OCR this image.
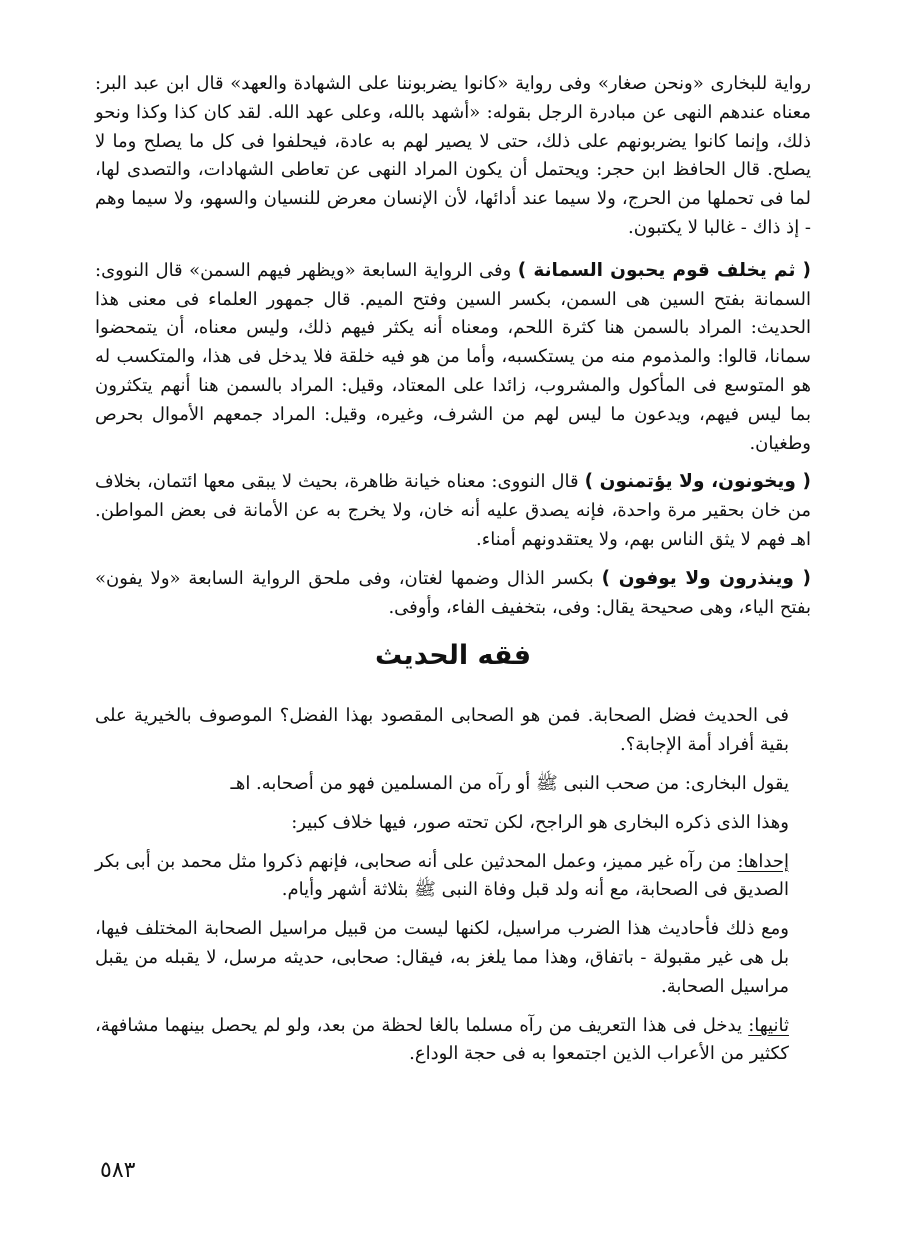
رواية للبخارى «ونحن صغار» وفى رواية «كانوا يضربوننا على الشهادة والعهد» قال ابن عبد البر: معناه عندهم النهى عن مبادرة الرجل بقوله: «أشهد بالله، وعلى عهد الله. لقد كان كذا وكذا ونحو ذلك، وإنما كانوا يضربونهم على ذلك، حتى لا يصير لهم به عادة، فيحلفوا فى كل ما يصلح وما لا يصلح. قال الحافظ ابن حجر: ويحتمل أن يكون المراد النهى عن تعاطى الشهادات، والتصدى لها، لما فى تحملها من الحرج، ولا سيما عند أدائها، لأن الإنسان معرض للنسيان والسهو، ولا سيما وهم - إذ ذاك - غالبا لا يكتبون.

( ثم يخلف قوم يحبون السمانة ) وفى الرواية السابعة «ويظهر فيهم السمن» قال النووى: السمانة بفتح السين هى السمن، بكسر السين وفتح الميم. قال جمهور العلماء فى معنى هذا الحديث: المراد بالسمن هنا كثرة اللحم، ومعناه أنه يكثر فيهم ذلك، وليس معناه، أن يتمحضوا سمانا، قالوا: والمذموم منه من يستكسبه، وأما من هو فيه خلقة فلا يدخل فى هذا، والمتكسب له هو المتوسع فى المأكول والمشروب، زائدا على المعتاد، وقيل: المراد بالسمن هنا أنهم يتكثرون بما ليس فيهم، ويدعون ما ليس لهم من الشرف، وغيره، وقيل: المراد جمعهم الأموال بحرص وطغيان.

( ويخونون، ولا يؤتمنون ) قال النووى: معناه خيانة ظاهرة، بحيث لا يبقى معها ائتمان، بخلاف من خان بحقير مرة واحدة، فإنه يصدق عليه أنه خان، ولا يخرج به عن الأمانة فى بعض المواطن. اهـ فهم لا يثق الناس بهم، ولا يعتقدونهم أمناء.

( وينذرون ولا يوفون ) بكسر الذال وضمها لغتان، وفى ملحق الرواية السابعة «ولا يفون» بفتح الياء، وهى صحيحة يقال: وفى، بتخفيف الفاء، وأوفى.

فقه الحديث

فى الحديث فضل الصحابة. فمن هو الصحابى المقصود بهذا الفضل؟ الموصوف بالخيرية على بقية أفراد أمة الإجابة؟.

يقول البخارى: من صحب النبى ﷺ أو رآه من المسلمين فهو من أصحابه. اهـ

وهذا الذى ذكره البخارى هو الراجح، لكن تحته صور، فيها خلاف كبير:

إحداها: من رآه غير مميز، وعمل المحدثين على أنه صحابى، فإنهم ذكروا مثل محمد بن أبى بكر الصديق فى الصحابة، مع أنه ولد قبل وفاة النبى ﷺ بثلاثة أشهر وأيام.

ومع ذلك فأحاديث هذا الضرب مراسيل، لكنها ليست من قبيل مراسيل الصحابة المختلف فيها، بل هى غير مقبولة - باتفاق، وهذا مما يلغز به، فيقال: صحابى، حديثه مرسل، لا يقبله من يقبل مراسيل الصحابة.

ثانيها: يدخل فى هذا التعريف من رآه مسلما بالغا لحظة من بعد، ولو لم يحصل بينهما مشافهة، ككثير من الأعراب الذين اجتمعوا به فى حجة الوداع.

٥٨٣
